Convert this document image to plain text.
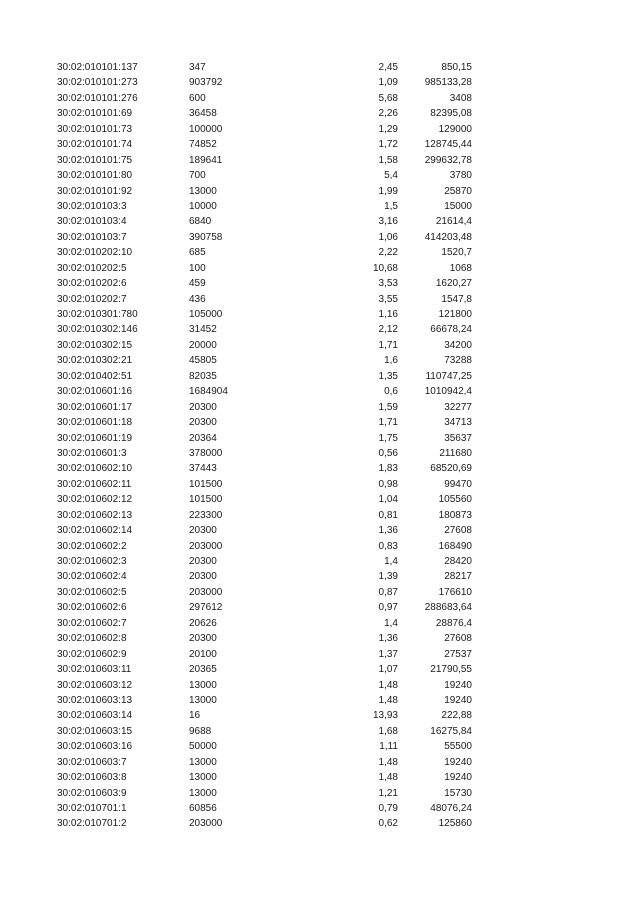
30:02:010101:137	347	2,45	850,15
30:02:010101:273	903792	1,09	985133,28
30:02:010101:276	600	5,68	3408
30:02:010101:69	36458	2,26	82395,08
30:02:010101:73	100000	1,29	129000
30:02:010101:74	74852	1,72	128745,44
30:02:010101:75	189641	1,58	299632,78
30:02:010101:80	700	5,4	3780
30:02:010101:92	13000	1,99	25870
30:02:010103:3	10000	1,5	15000
30:02:010103:4	6840	3,16	21614,4
30:02:010103:7	390758	1,06	414203,48
30:02:010202:10	685	2,22	1520,7
30:02:010202:5	100	10,68	1068
30:02:010202:6	459	3,53	1620,27
30:02:010202:7	436	3,55	1547,8
30:02:010301:780	105000	1,16	121800
30:02:010302:146	31452	2,12	66678,24
30:02:010302:15	20000	1,71	34200
30:02:010302:21	45805	1,6	73288
30:02:010402:51	82035	1,35	110747,25
30:02:010601:16	1684904	0,6	1010942,4
30:02:010601:17	20300	1,59	32277
30:02:010601:18	20300	1,71	34713
30:02:010601:19	20364	1,75	35637
30:02:010601:3	378000	0,56	211680
30:02:010602:10	37443	1,83	68520,69
30:02:010602:11	101500	0,98	99470
30:02:010602:12	101500	1,04	105560
30:02:010602:13	223300	0,81	180873
30:02:010602:14	20300	1,36	27608
30:02:010602:2	203000	0,83	168490
30:02:010602:3	20300	1,4	28420
30:02:010602:4	20300	1,39	28217
30:02:010602:5	203000	0,87	176610
30:02:010602:6	297612	0,97	288683,64
30:02:010602:7	20626	1,4	28876,4
30:02:010602:8	20300	1,36	27608
30:02:010602:9	20100	1,37	27537
30:02:010603:11	20365	1,07	21790,55
30:02:010603:12	13000	1,48	19240
30:02:010603:13	13000	1,48	19240
30:02:010603:14	16	13,93	222,88
30:02:010603:15	9688	1,68	16275,84
30:02:010603:16	50000	1,11	55500
30:02:010603:7	13000	1,48	19240
30:02:010603:8	13000	1,48	19240
30:02:010603:9	13000	1,21	15730
30:02:010701:1	60856	0,79	48076,24
30:02:010701:2	203000	0,62	125860
